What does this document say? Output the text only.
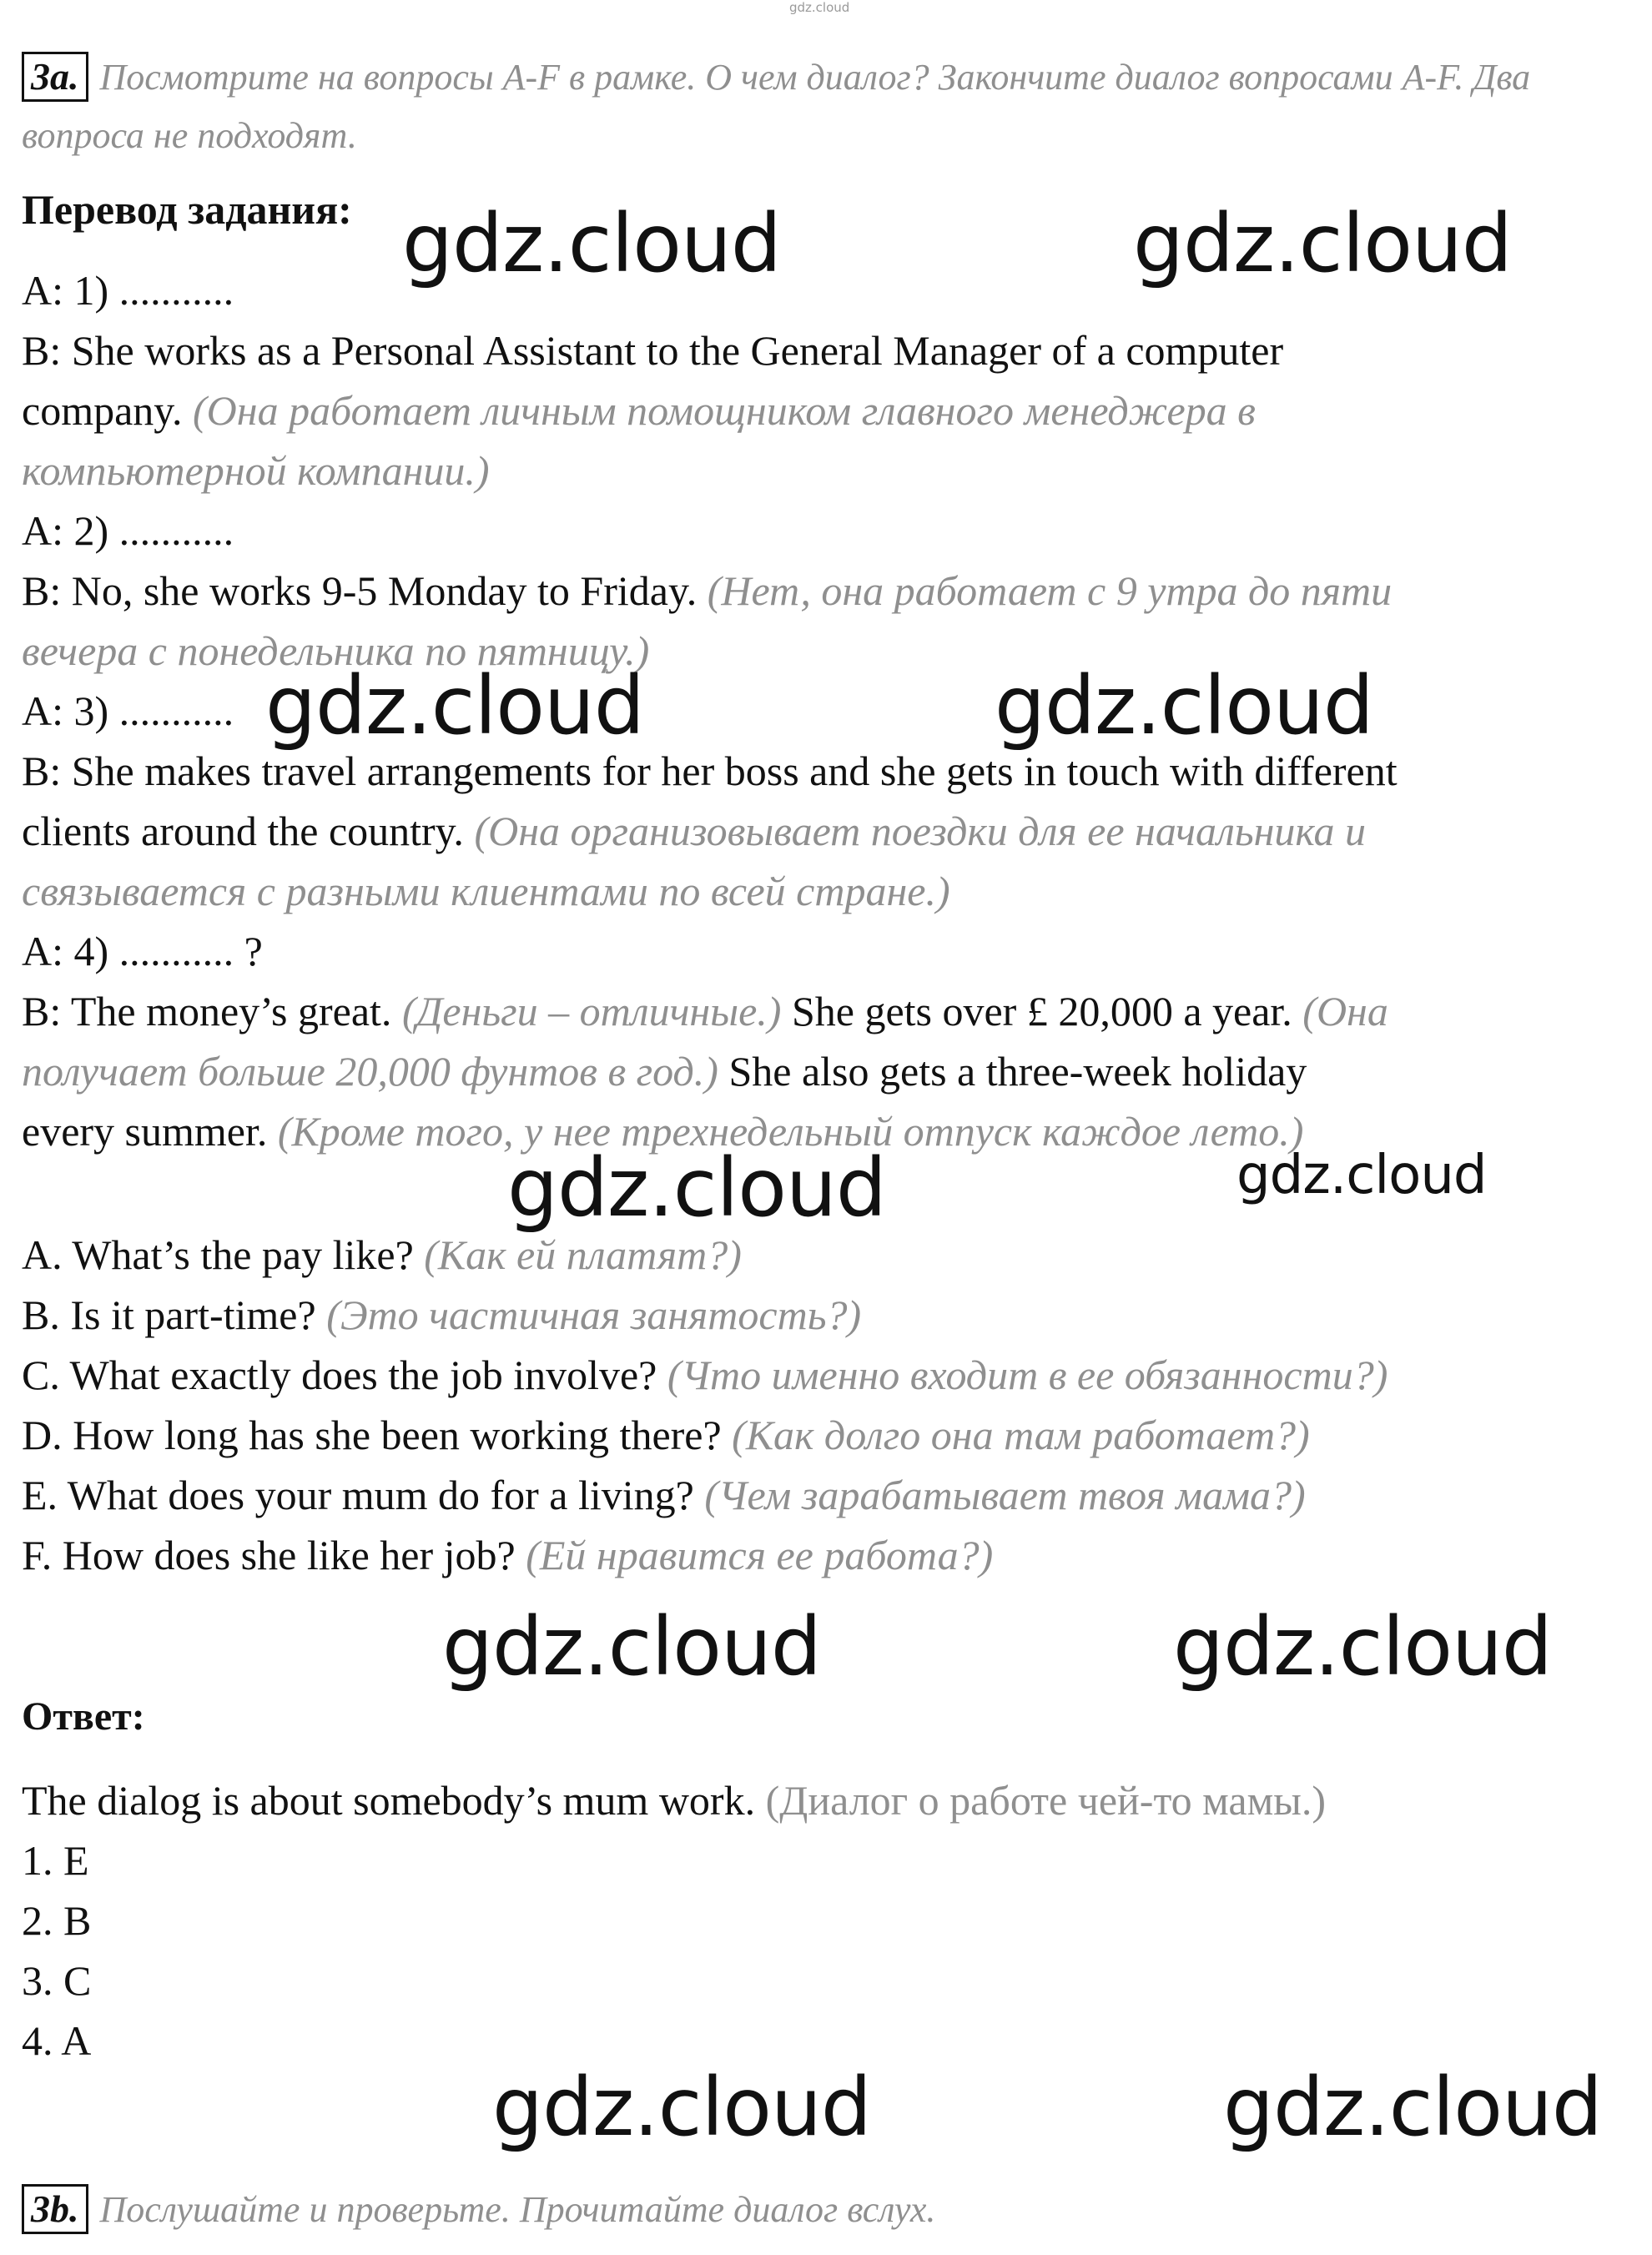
gdz.cloud
3a. Посмотрите на вопросы A-F в рамке. О чем диалог? Закончите диалог вопросами A-F. Два вопроса не подходят.
Перевод задания:
A: 1) ...........
B: She works as a Personal Assistant to the General Manager of a computer
company. (Она работает личным помощником главного менеджера в
компьютерной компании.)
A: 2) ...........
B: No, she works 9-5 Monday to Friday. (Нет, она работает с 9 утра до пяти
вечера с понедельника по пятницу.)
A: 3) ...........
B: She makes travel arrangements for her boss and she gets in touch with different
clients around the country. (Она организовывает поездки для ее начальника и
связывается с разными клиентами по всей стране.)
A: 4) ........... ?
B: The money’s great. (Деньги – отличные.) She gets over £ 20,000 a year. (Она
получает больше 20,000 фунтов в год.) She also gets a three-week holiday
every summer. (Кроме того, у нее трехнедельный отпуск каждое лето.)
A. What’s the pay like? (Как ей платят?)
B. Is it part-time? (Это частичная занятость?)
C. What exactly does the job involve? (Что именно входит в ее обязанности?)
D. How long has she been working there? (Как долго она там работает?)
E. What does your mum do for a living? (Чем зарабатывает твоя мама?)
F. How does she like her job? (Ей нравится ее работа?)
Ответ:
The dialog is about somebody’s mum work. (Диалог о работе чей-то мамы.)
1. E
2. B
3. C
4. A
3b. Послушайте и проверьте. Прочитайте диалог вслух.
gdz.cloud	gdz.cloud
gdz.cloud	gdz.cloud
gdz.cloud	gdz.cloud
gdz.cloud	gdz.cloud
gdz.cloud	gdz.cloud
